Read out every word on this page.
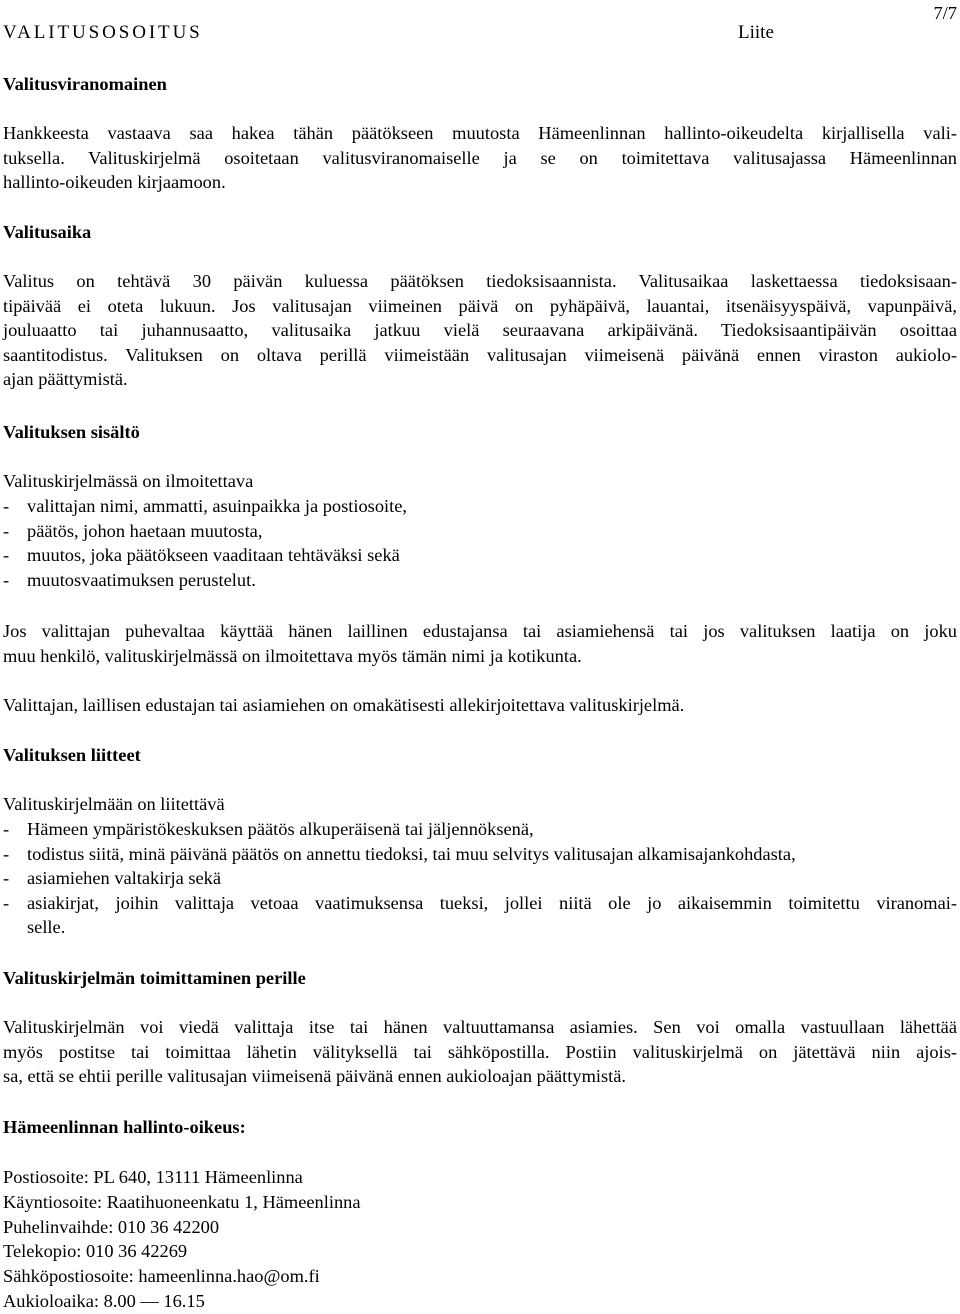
VALITUSOSOITUS	Liite
7/7
Valitusviranomainen
Hankkeesta vastaava saa hakea tähän päätökseen muutosta Hämeenlinnan hallinto-oikeudelta kirjallisella vali-
tuksella. Valituskirjelmä osoitetaan valitusviranomaiselle ja se on toimitettava valitusajassa Hämeenlinnan
hallinto-oikeuden kirjaamoon.
Valitusaika
Valitus on tehtävä 30 päivän kuluessa päätöksen tiedoksisaannista. Valitusaikaa laskettaessa tiedoksisaan-
tipäivää ei oteta lukuun. Jos valitusajan viimeinen päivä on pyhäpäivä, lauantai, itsenäisyyspäivä, vapunpäivä,
jouluaatto tai juhannusaatto, valitusaika jatkuu vielä seuraavana arkipäivänä. Tiedoksisaantipäivän osoittaa
saantitodistus. Valituksen on oltava perillä viimeistään valitusajan viimeisenä päivänä ennen viraston aukiolo-
ajan päättymistä.
Valituksen sisältö
Valituskirjelmässä on ilmoitettava
- valittajan nimi, ammatti, asuinpaikka ja postiosoite,
- päätös, johon haetaan muutosta,
- muutos, joka päätökseen vaaditaan tehtäväksi sekä
- muutosvaatimuksen perustelut.
Jos valittajan puhevaltaa käyttää hänen laillinen edustajansa tai asiamiehensä tai jos valituksen laatija on joku
muu henkilö, valituskirjelmässä on ilmoitettava myös tämän nimi ja kotikunta.
Valittajan, laillisen edustajan tai asiamiehen on omakätisesti allekirjoitettava valituskirjelmä.
Valituksen liitteet
Valituskirjelmään on liitettävä
- Hämeen ympäristökeskuksen päätös alkuperäisenä tai jäljennöksenä,
- todistus siitä, minä päivänä päätös on annettu tiedoksi, tai muu selvitys valitusajan alkamisajankohdasta,
- asiamiehen valtakirja sekä
- asiakirjat, joihin valittaja vetoaa vaatimuksensa tueksi, jollei niitä ole jo aikaisemmin toimitettu viranomai-
selle.
Valituskirjelmän toimittaminen perille
Valituskirjelmän voi viedä valittaja itse tai hänen valtuuttamansa asiamies. Sen voi omalla vastuullaan lähettää
myös postitse tai toimittaa lähetin välityksellä tai sähköpostilla. Postiin valituskirjelmä on jätettävä niin ajois-
sa, että se ehtii perille valitusajan viimeisenä päivänä ennen aukioloajan päättymistä.
Hämeenlinnan hallinto-oikeus:
Postiosoite: PL 640, 13111 Hämeenlinna
Käyntiosoite: Raatihuoneenkatu 1, Hämeenlinna
Puhelinvaihde: 010 36 42200
Telekopio: 010 36 42269
Sähköpostiosoite: hameenlinna.hao@om.fi
Aukioloaika: 8.00 — 16.15
